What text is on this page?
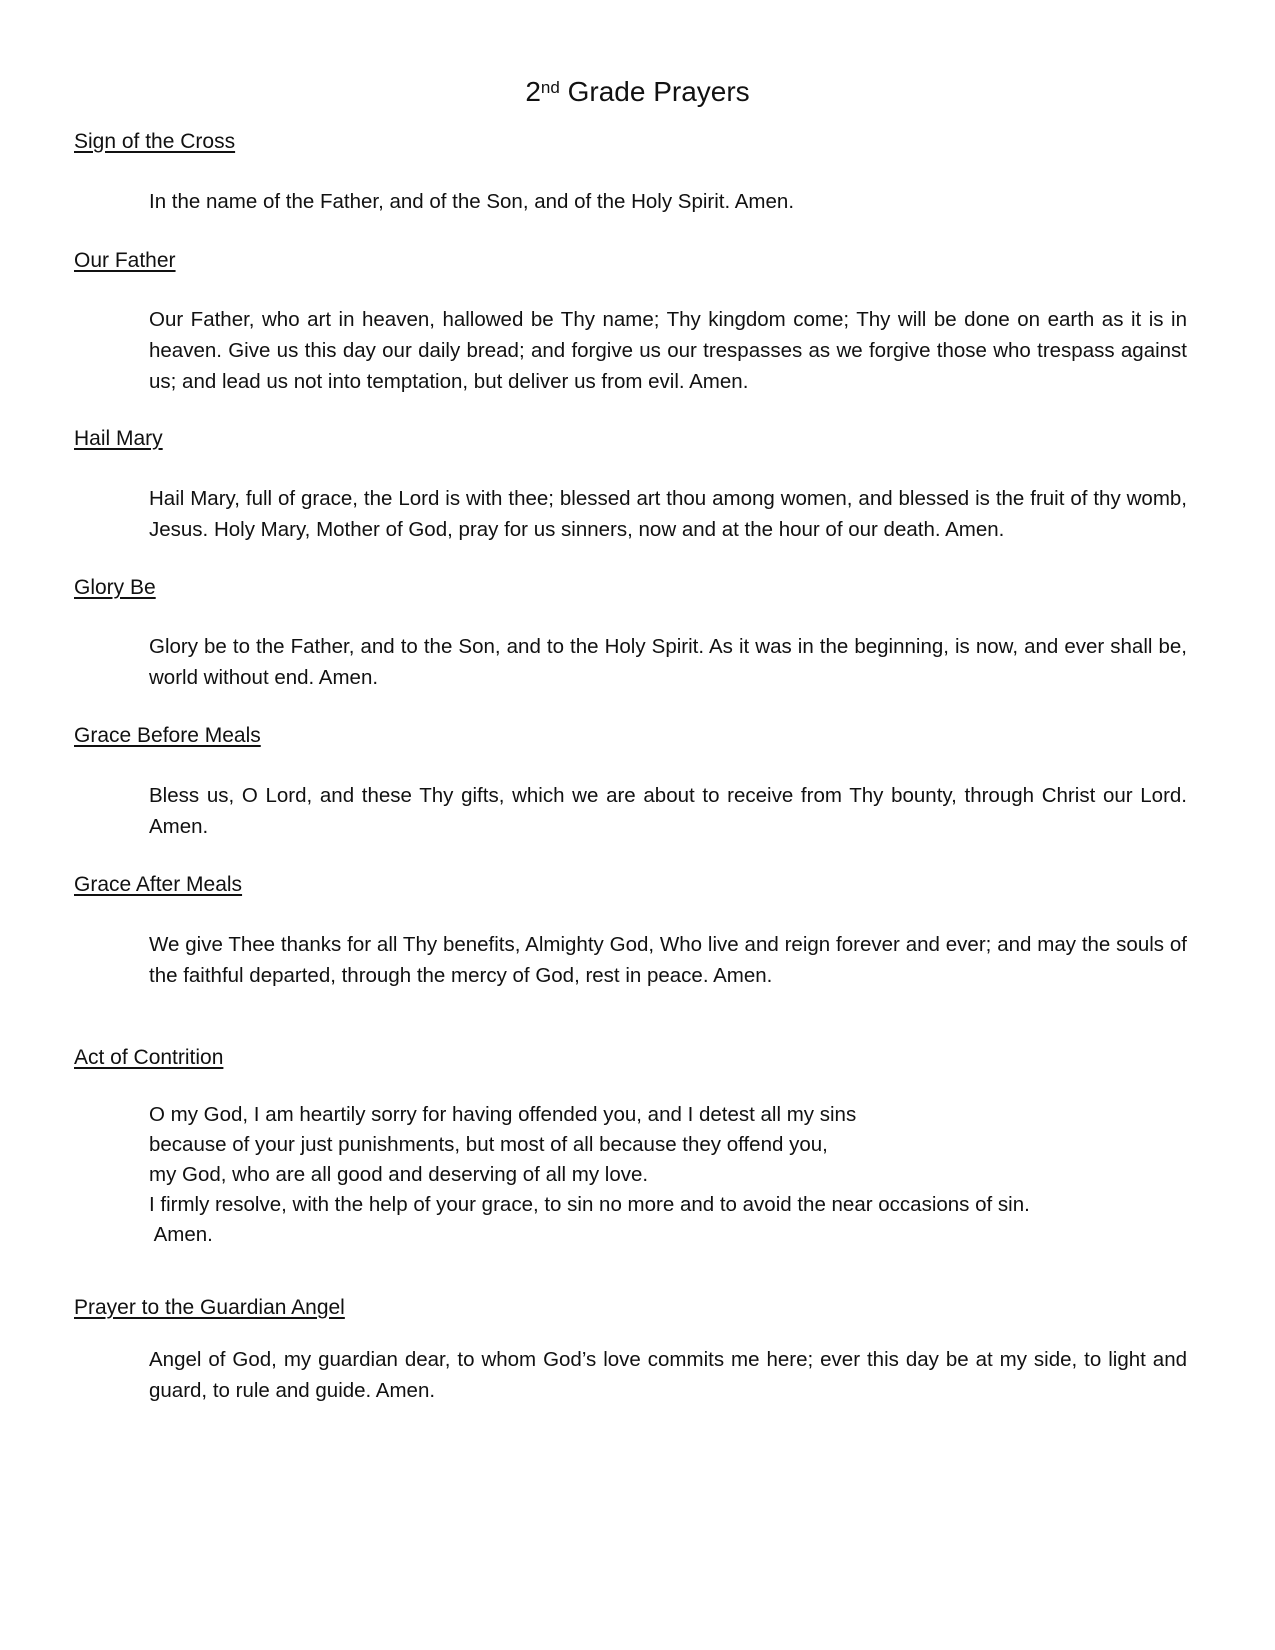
2nd Grade Prayers
Sign of the Cross
In the name of the Father, and of the Son, and of the Holy Spirit. Amen.
Our Father
Our Father, who art in heaven, hallowed be Thy name; Thy kingdom come; Thy will be done on earth as it is in heaven. Give us this day our daily bread; and forgive us our trespasses as we forgive those who trespass against us; and lead us not into temptation, but deliver us from evil. Amen.
Hail Mary
Hail Mary, full of grace, the Lord is with thee; blessed art thou among women, and blessed is the fruit of thy womb, Jesus. Holy Mary, Mother of God, pray for us sinners, now and at the hour of our death. Amen.
Glory Be
Glory be to the Father, and to the Son, and to the Holy Spirit. As it was in the beginning, is now, and ever shall be, world without end. Amen.
Grace Before Meals
Bless us, O Lord, and these Thy gifts, which we are about to receive from Thy bounty, through Christ our Lord. Amen.
Grace After Meals
We give Thee thanks for all Thy benefits, Almighty God, Who live and reign forever and ever; and may the souls of the faithful departed, through the mercy of God, rest in peace. Amen.
Act of Contrition
O my God, I am heartily sorry for having offended you, and I detest all my sins
because of your just punishments, but most of all because they offend you,
my God, who are all good and deserving of all my love.
I firmly resolve, with the help of your grace, to sin no more and to avoid the near occasions of sin.
Amen.
Prayer to the Guardian Angel
Angel of God, my guardian dear, to whom God’s love commits me here; ever this day be at my side, to light and guard, to rule and guide. Amen.
